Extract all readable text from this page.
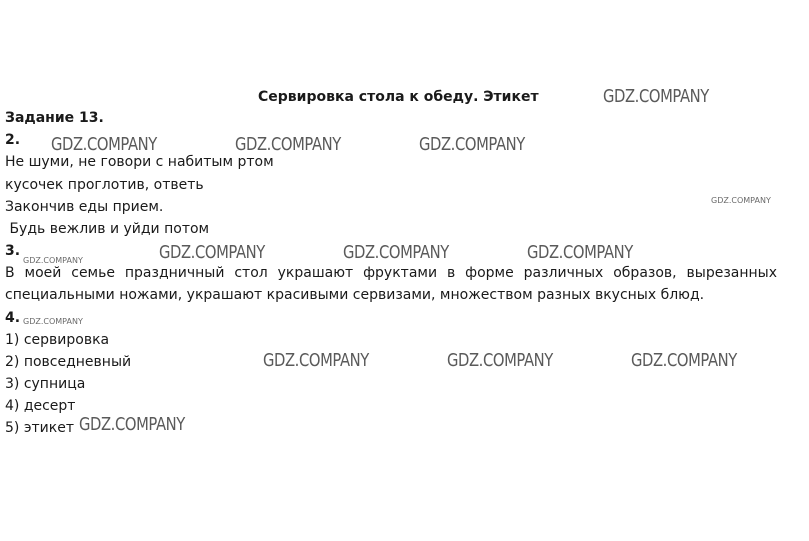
Сервировка стола к обеду. Этикет
Задание 13.
2.
Не шуми, не говори с набитым ртом
кусочек проглотив, ответь
Закончив еды прием.
Будь вежлив и уйди потом
3.
В моей семье праздничный стол украшают фруктами в форме различных образов, вырезанных
специальными ножами, украшают красивыми сервизами, множеством разных вкусных блюд.
4.
1) сервировка
2) повседневный
3) супница
4) десерт
5) этикет
GDZ.COMPANY
GDZ.COMPANY	GDZ.COMPANY	GDZ.COMPANY
GDZ.COMPANY	GDZ.COMPANY	GDZ.COMPANY
GDZ.COMPANY	GDZ.COMPANY	GDZ.COMPANY
GDZ.COMPANY
GDZ.COMPANY
GDZ.COMPANY
GDZ.COMPANY
